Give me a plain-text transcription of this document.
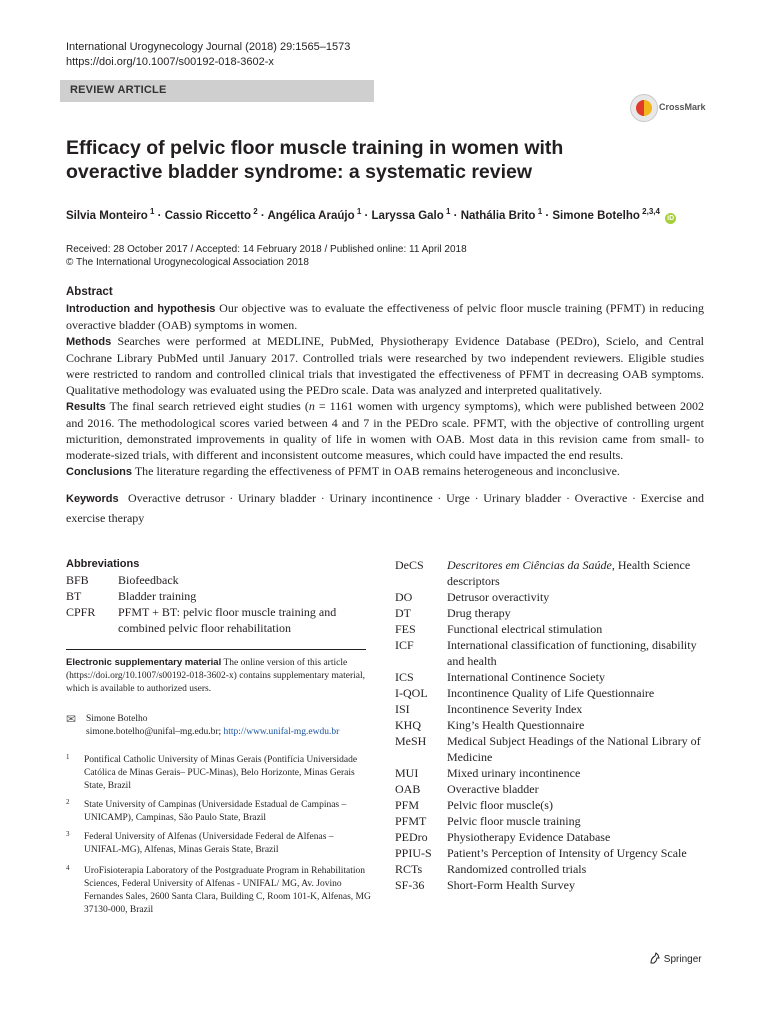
International Urogynecology Journal (2018) 29:1565–1573
https://doi.org/10.1007/s00192-018-3602-x
REVIEW ARTICLE
CrossMark
Efficacy of pelvic floor muscle training in women with overactive bladder syndrome: a systematic review
Silvia Monteiro $^1$ · Cassio Riccetto $^2$ · Angélica Araújo $^1$ · Laryssa Galo $^1$ · Nathália Brito $^1$ · Simone Botelho $^{2,3,4}$ iD
Received: 28 October 2017 / Accepted: 14 February 2018 / Published online: 11 April 2018
© The International Urogynecological Association 2018
Abstract

Introduction and hypothesis Our objective was to evaluate the effectiveness of pelvic floor muscle training (PFMT) in reducing overactive bladder (OAB) symptoms in women.

Methods Searches were performed at MEDLINE, PubMed, Physiotherapy Evidence Database (PEDro), Scielo, and Central Cochrane Library PubMed until January 2017. Controlled trials were researched by two independent reviewers. Eligible studies were restricted to random and controlled clinical trials that investigated the effectiveness of PFMT in decreasing OAB symptoms. Qualitative methodology was evaluated using the PEDro scale. Data was analyzed and interpreted qualitatively.

Results The final search retrieved eight studies (n = 1161 women with urgency symptoms), which were published between 2002 and 2016. The methodological scores varied between 4 and 7 in the PEDro scale. PFMT, with the objective of controlling urgent micturition, demonstrated improvements in quality of life in women with OAB. Most data in this revision came from small- to moderate-sized trials, with different and inconsistent outcome measures, which could have impacted the end results.

Conclusions The literature regarding the effectiveness of PFMT in OAB remains heterogeneous and inconclusive.

Keywords Overactive detrusor · Urinary bladder · Urinary incontinence · Urge · Urinary bladder · Overactive · Exercise and exercise therapy
Abbreviations
BFB	Biofeedback
BT	Bladder training
CPFR	PFMT + BT: pelvic floor muscle training and combined pelvic floor rehabilitation
Electronic supplementary material The online version of this article (https://doi.org/10.1007/s00192-018-3602-x) contains supplementary material, which is available to authorized users.
✉ Simone Botelho
simone.botelho@unifal–mg.edu.br; http://www.unifal-mg.ewdu.br
1 Pontifical Catholic University of Minas Gerais (Pontifícia Universidade Católica de Minas Gerais– PUC-Minas), Belo Horizonte, Minas Gerais State, Brazil
2 State University of Campinas (Universidade Estadual de Campinas – UNICAMP), Campinas, São Paulo State, Brazil
3 Federal University of Alfenas (Universidade Federal de Alfenas – UNIFAL-MG), Alfenas, Minas Gerais State, Brazil
4 UroFisioterapia Laboratory of the Postgraduate Program in Rehabilitation Sciences, Federal University of Alfenas - UNIFAL/ MG, Av. Jovino Fernandes Sales, 2600 Santa Clara, Building C, Room 101-K, Alfenas, MG 37130-000, Brazil
DeCS	Descritores em Ciências da Saúde, Health Science descriptors
DO	Detrusor overactivity
DT	Drug therapy
FES	Functional electrical stimulation
ICF	International classification of functioning, disability and health
ICS	International Continence Society
I-QOL	Incontinence Quality of Life Questionnaire
ISI	Incontinence Severity Index
KHQ	King’s Health Questionnaire
MeSH	Medical Subject Headings of the National Library of Medicine
MUI	Mixed urinary incontinence
OAB	Overactive bladder
PFM	Pelvic floor muscle(s)
PFMT	Pelvic floor muscle training
PEDro	Physiotherapy Evidence Database
PPIU-S	Patient’s Perception of Intensity of Urgency Scale
RCTs	Randomized controlled trials
SF-36	Short-Form Health Survey
Springer
